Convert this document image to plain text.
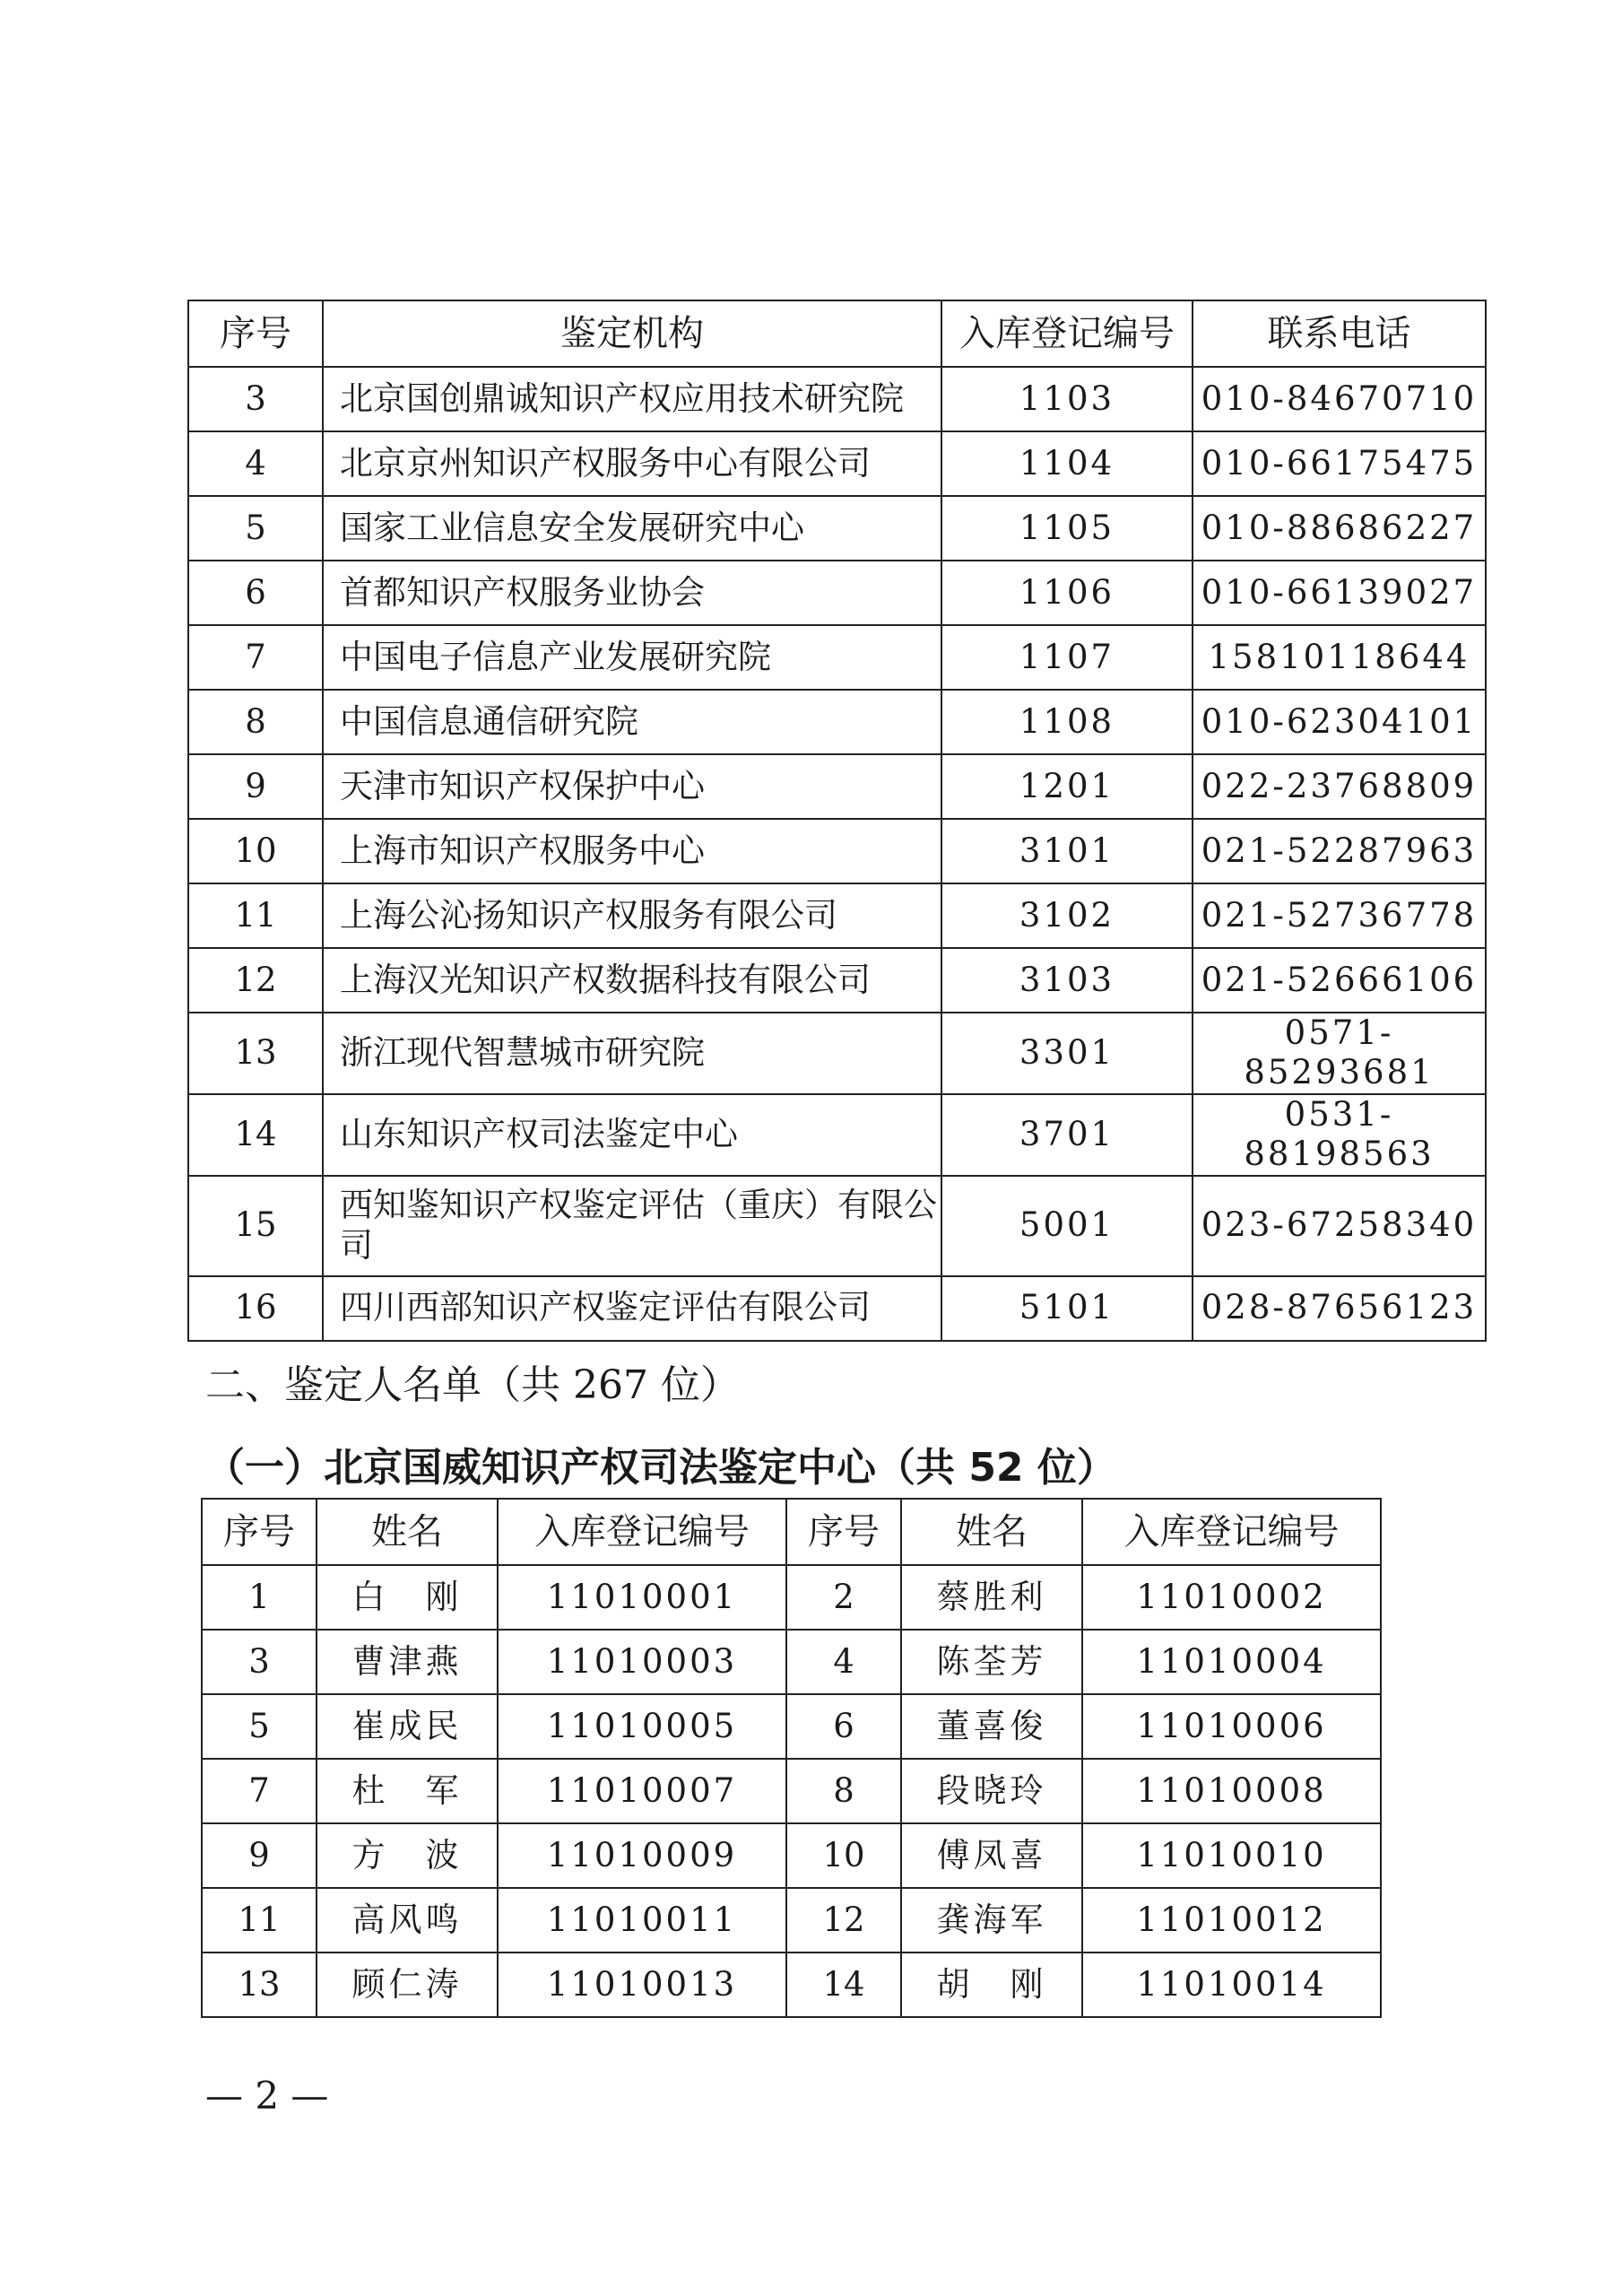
序号	鉴定机构	入库登记编号	联系电话
3	北京国创鼎诚知识产权应用技术研究院	1103	010-84670710
4	北京京州知识产权服务中心有限公司	1104	010-66175475
5	国家工业信息安全发展研究中心	1105	010-88686227
6	首都知识产权服务业协会	1106	010-66139027
7	中国电子信息产业发展研究院	1107	15810118644
8	中国信息通信研究院	1108	010-62304101
9	天津市知识产权保护中心	1201	022-23768809
10	上海市知识产权服务中心	3101	021-52287963
11	上海公沁扬知识产权服务有限公司	3102	021-52736778
12	上海汉光知识产权数据科技有限公司	3103	021-52666106
13	浙江现代智慧城市研究院	3301	0571-85293681
14	山东知识产权司法鉴定中心	3701	0531-88198563
15	西知鉴知识产权鉴定评估（重庆）有限公司	5001	023-67258340
16	四川西部知识产权鉴定评估有限公司	5101	028-87656123
二、鉴定人名单（共 267 位）
（一）北京国威知识产权司法鉴定中心（共 52 位）
序号	姓名	入库登记编号	序号	姓名	入库登记编号
1	白　刚	11010001	2	蔡胜利	11010002
3	曹津燕	11010003	4	陈荃芳	11010004
5	崔成民	11010005	6	董喜俊	11010006
7	杜　军	11010007	8	段晓玲	11010008
9	方　波	11010009	10	傅凤喜	11010010
11	高风鸣	11010011	12	龚海军	11010012
13	顾仁涛	11010013	14	胡　刚	11010014
— 2 —
